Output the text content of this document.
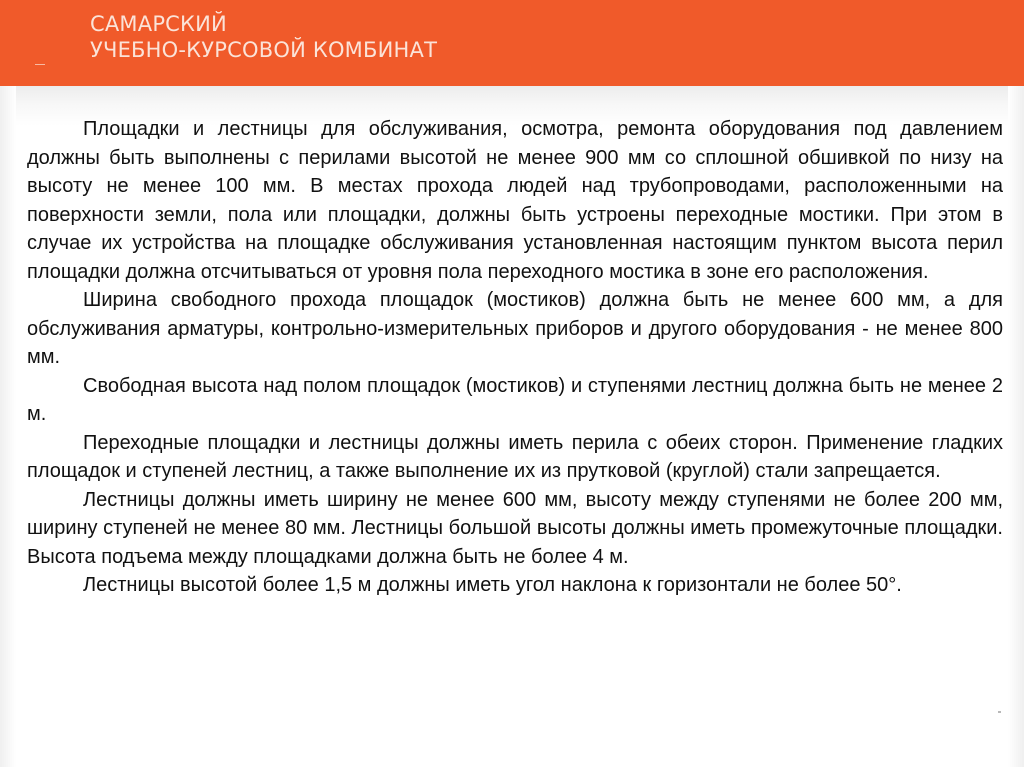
САМАРСКИЙ
УЧЕБНО-КУРСОВОЙ КОМБИНАТ

Площадки и лестницы для обслуживания, осмотра, ремонта оборудования под давлением должны быть выполнены с перилами высотой не менее 900 мм со сплошной обшивкой по низу на высоту не менее 100 мм. В местах прохода людей над трубопроводами, расположенными на поверхности земли, пола или площадки, должны быть устроены переходные мостики. При этом в случае их устройства на площадке обслуживания установленная настоящим пунктом высота перил площадки должна отсчитываться от уровня пола переходного мостика в зоне его расположения.

Ширина свободного прохода площадок (мостиков) должна быть не менее 600 мм, а для обслуживания арматуры, контрольно-измерительных приборов и другого оборудования - не менее 800 мм.

Свободная высота над полом площадок (мостиков) и ступенями лестниц должна быть не менее 2 м.

Переходные площадки и лестницы должны иметь перила с обеих сторон. Применение гладких площадок и ступеней лестниц, а также выполнение их из прутковой (круглой) стали запрещается.

Лестницы должны иметь ширину не менее 600 мм, высоту между ступенями не более 200 мм, ширину ступеней не менее 80 мм. Лестницы большой высоты должны иметь промежуточные площадки. Высота подъема между площадками должна быть не более 4 м.

Лестницы высотой более 1,5 м должны иметь угол наклона к горизонтали не более 50°.
